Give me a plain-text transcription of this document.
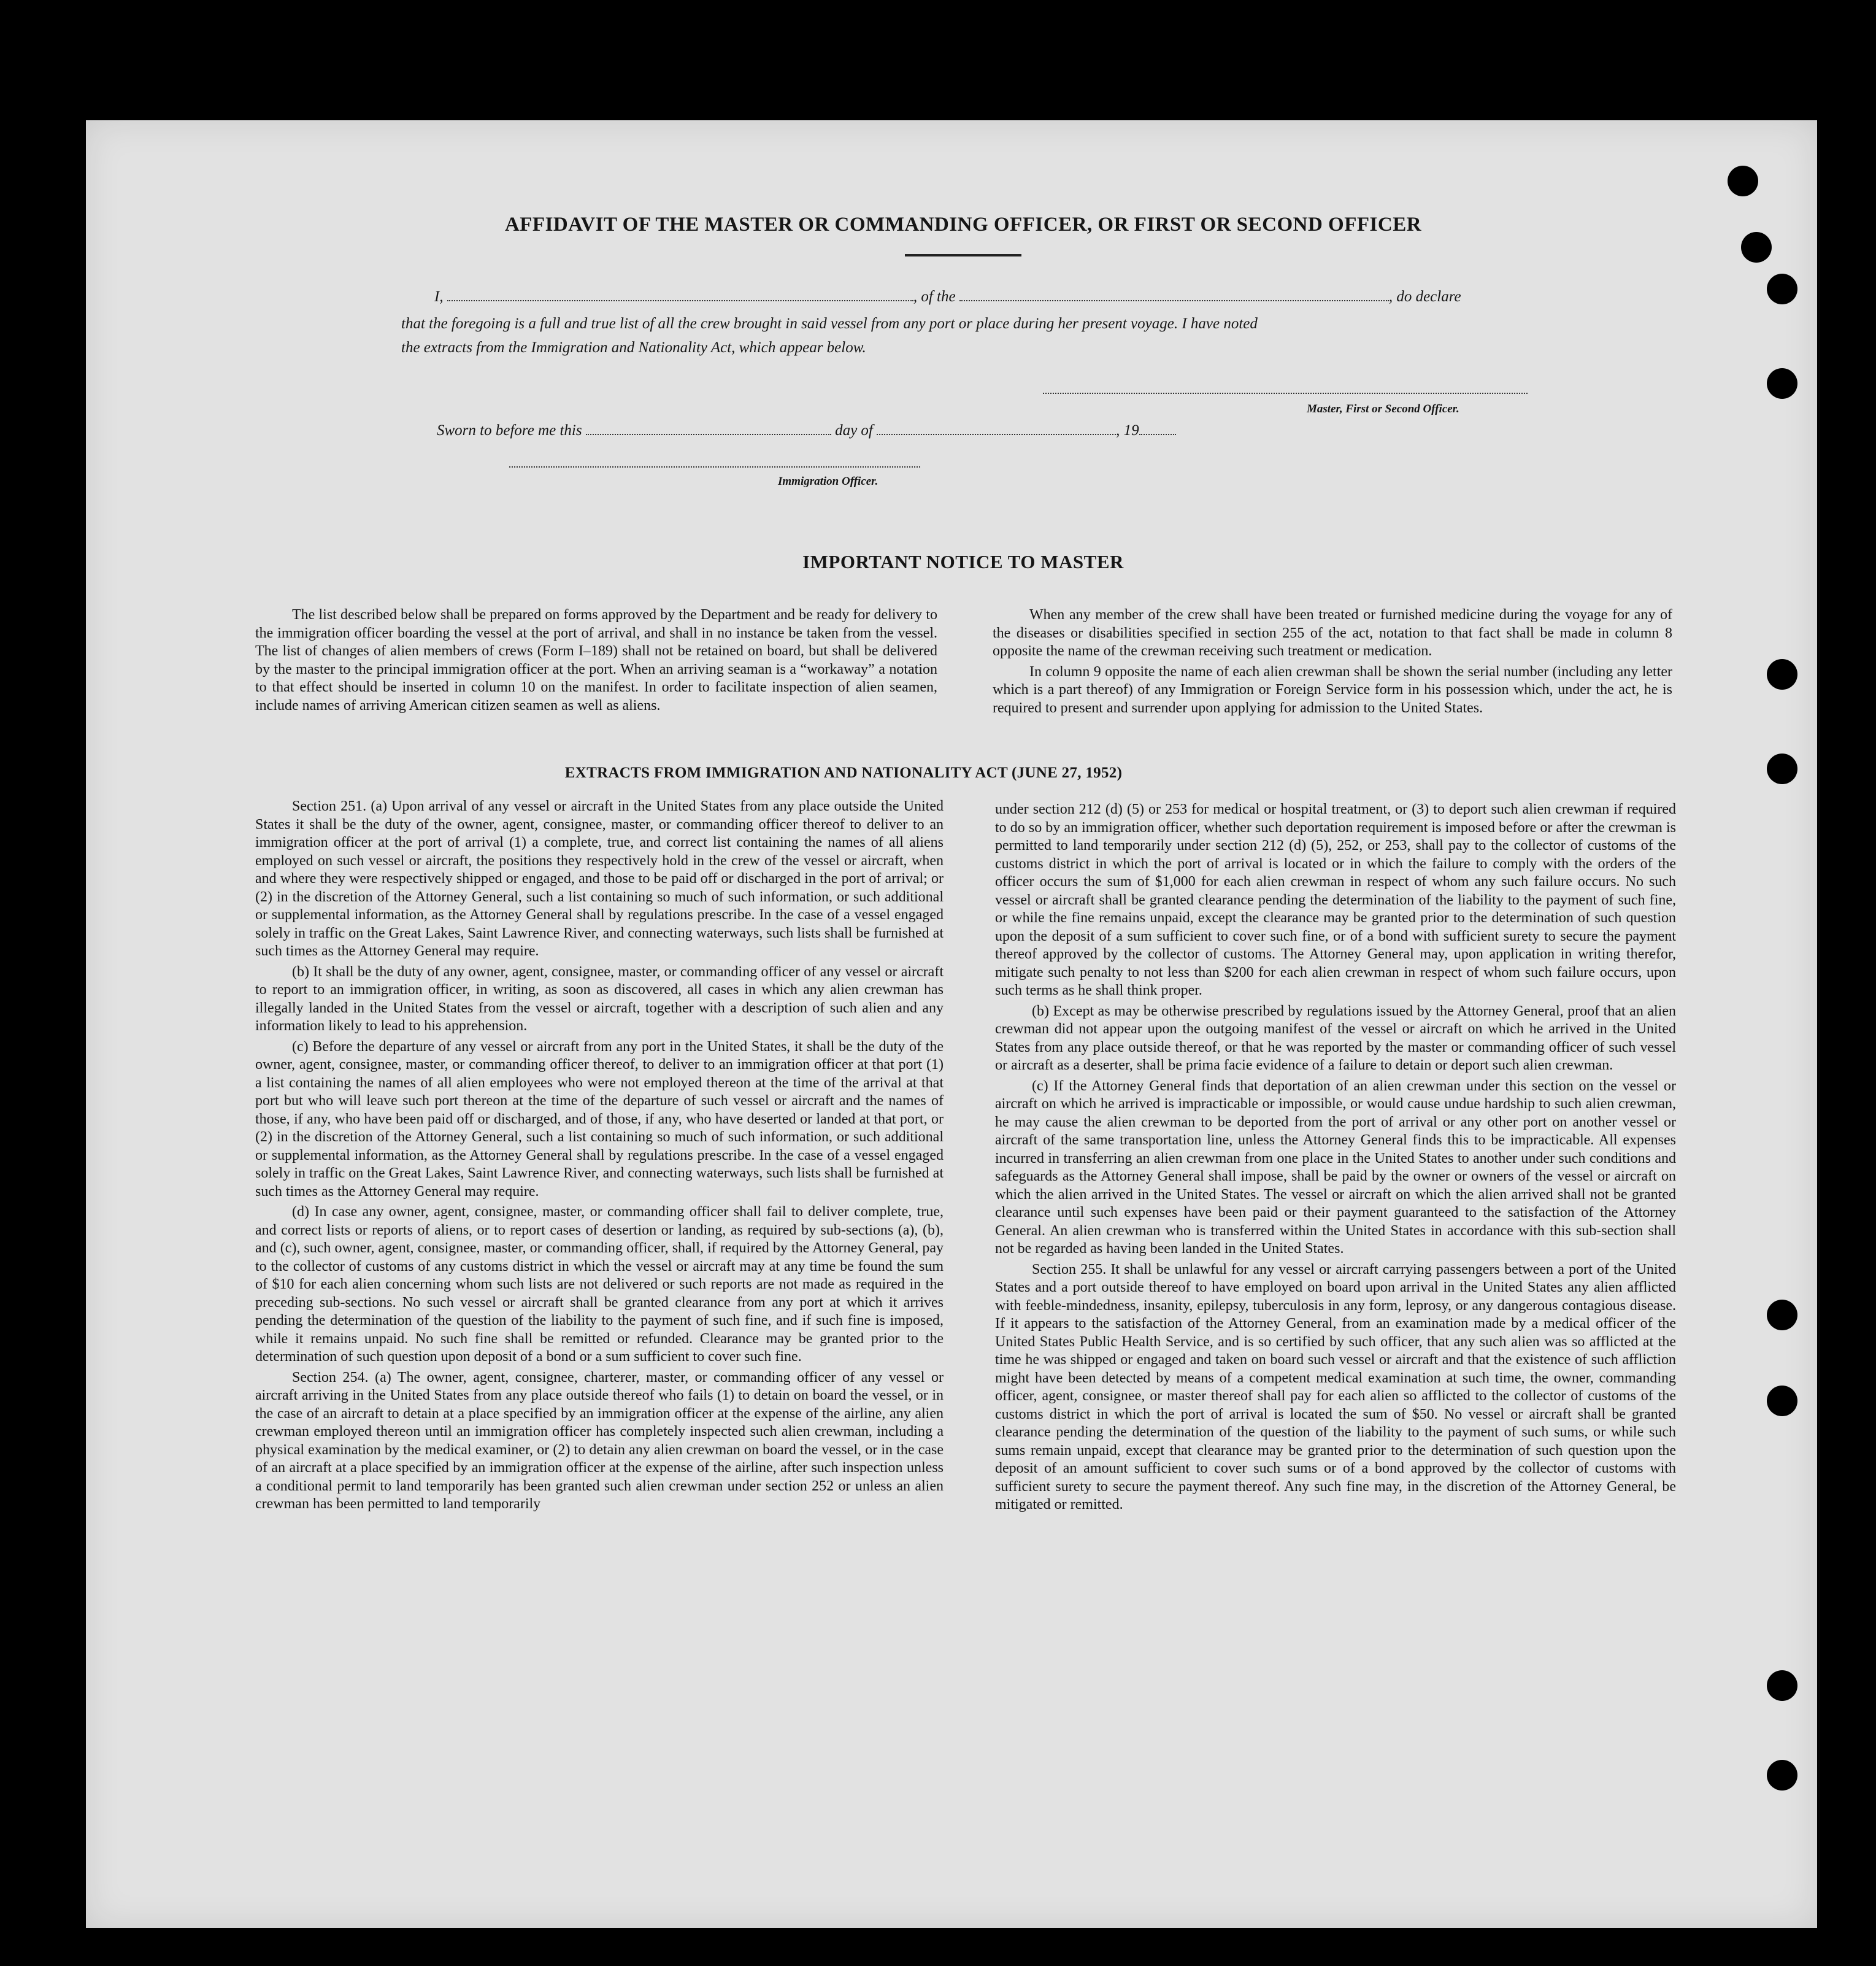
AFFIDAVIT OF THE MASTER OR COMMANDING OFFICER, OR FIRST OR SECOND OFFICER
I,	, of the	, do declare
that the foregoing is a full and true list of all the crew brought in said vessel from any port or place during her present voyage. I have noted
the extracts from the Immigration and Nationality Act, which appear below.
Master, First or Second Officer.
Sworn to before me this	day of	, 19
Immigration Officer.
IMPORTANT NOTICE TO MASTER

The list described below shall be prepared on forms approved by the Department and be ready for delivery to the immigration officer boarding the vessel at the port of arrival, and shall in no instance be taken from the vessel. The list of changes of alien members of crews (Form I–189) shall not be retained on board, but shall be delivered by the master to the principal immigration officer at the port. When an arriving seaman is a “workaway” a notation to that effect should be inserted in column 10 on the manifest. In order to facilitate inspection of alien seamen, include names of arriving American citizen seamen as well as aliens.

When any member of the crew shall have been treated or furnished medicine during the voyage for any of the diseases or disabilities specified in section 255 of the act, notation to that fact shall be made in column 8 opposite the name of the crewman receiving such treatment or medication.

In column 9 opposite the name of each alien crewman shall be shown the serial number (including any letter which is a part thereof) of any Immigration or Foreign Service form in his possession which, under the act, he is required to present and surrender upon applying for admission to the United States.

EXTRACTS FROM IMMIGRATION AND NATIONALITY ACT (JUNE 27, 1952)

Section 251. (a) Upon arrival of any vessel or aircraft in the United States from any place outside the United States it shall be the duty of the owner, agent, consignee, master, or commanding officer thereof to deliver to an immigration officer at the port of arrival (1) a complete, true, and correct list containing the names of all aliens employed on such vessel or aircraft, the positions they respectively hold in the crew of the vessel or aircraft, when and where they were respectively shipped or engaged, and those to be paid off or discharged in the port of arrival; or (2) in the discretion of the Attorney General, such a list containing so much of such information, or such additional or supplemental information, as the Attorney General shall by regulations prescribe. In the case of a vessel engaged solely in traffic on the Great Lakes, Saint Lawrence River, and connecting waterways, such lists shall be furnished at such times as the Attorney General may require.

(b) It shall be the duty of any owner, agent, consignee, master, or commanding officer of any vessel or aircraft to report to an immigration officer, in writing, as soon as discovered, all cases in which any alien crewman has illegally landed in the United States from the vessel or aircraft, together with a description of such alien and any information likely to lead to his apprehension.

(c) Before the departure of any vessel or aircraft from any port in the United States, it shall be the duty of the owner, agent, consignee, master, or commanding officer thereof, to deliver to an immigration officer at that port (1) a list containing the names of all alien employees who were not employed thereon at the time of the arrival at that port but who will leave such port thereon at the time of the departure of such vessel or aircraft and the names of those, if any, who have been paid off or discharged, and of those, if any, who have deserted or landed at that port, or (2) in the discretion of the Attorney General, such a list containing so much of such information, or such additional or supplemental information, as the Attorney General shall by regulations prescribe. In the case of a vessel engaged solely in traffic on the Great Lakes, Saint Lawrence River, and connecting waterways, such lists shall be furnished at such times as the Attorney General may require.

(d) In case any owner, agent, consignee, master, or commanding officer shall fail to deliver complete, true, and correct lists or reports of aliens, or to report cases of desertion or landing, as required by sub-sections (a), (b), and (c), such owner, agent, consignee, master, or commanding officer, shall, if required by the Attorney General, pay to the collector of customs of any customs district in which the vessel or aircraft may at any time be found the sum of $10 for each alien concerning whom such lists are not delivered or such reports are not made as required in the preceding sub-sections. No such vessel or aircraft shall be granted clearance from any port at which it arrives pending the determination of the question of the liability to the payment of such fine, and if such fine is imposed, while it remains unpaid. No such fine shall be remitted or refunded. Clearance may be granted prior to the determination of such question upon deposit of a bond or a sum sufficient to cover such fine.

Section 254. (a) The owner, agent, consignee, charterer, master, or commanding officer of any vessel or aircraft arriving in the United States from any place outside thereof who fails (1) to detain on board the vessel, or in the case of an aircraft to detain at a place specified by an immigration officer at the expense of the airline, any alien crewman employed thereon until an immigration officer has completely inspected such alien crewman, including a physical examination by the medical examiner, or (2) to detain any alien crewman on board the vessel, or in the case of an aircraft at a place specified by an immigration officer at the expense of the airline, after such inspection unless a conditional permit to land temporarily has been granted such alien crewman under section 252 or unless an alien crewman has been permitted to land temporarily

under section 212 (d) (5) or 253 for medical or hospital treatment, or (3) to deport such alien crewman if required to do so by an immigration officer, whether such deportation requirement is imposed before or after the crewman is permitted to land temporarily under section 212 (d) (5), 252, or 253, shall pay to the collector of customs of the customs district in which the port of arrival is located or in which the failure to comply with the orders of the officer occurs the sum of $1,000 for each alien crewman in respect of whom any such failure occurs. No such vessel or aircraft shall be granted clearance pending the determination of the liability to the payment of such fine, or while the fine remains unpaid, except the clearance may be granted prior to the determination of such question upon the deposit of a sum sufficient to cover such fine, or of a bond with sufficient surety to secure the payment thereof approved by the collector of customs. The Attorney General may, upon application in writing therefor, mitigate such penalty to not less than $200 for each alien crewman in respect of whom such failure occurs, upon such terms as he shall think proper.

(b) Except as may be otherwise prescribed by regulations issued by the Attorney General, proof that an alien crewman did not appear upon the outgoing manifest of the vessel or aircraft on which he arrived in the United States from any place outside thereof, or that he was reported by the master or commanding officer of such vessel or aircraft as a deserter, shall be prima facie evidence of a failure to detain or deport such alien crewman.

(c) If the Attorney General finds that deportation of an alien crewman under this section on the vessel or aircraft on which he arrived is impracticable or impossible, or would cause undue hardship to such alien crewman, he may cause the alien crewman to be deported from the port of arrival or any other port on another vessel or aircraft of the same transportation line, unless the Attorney General finds this to be impracticable. All expenses incurred in transferring an alien crewman from one place in the United States to another under such conditions and safeguards as the Attorney General shall impose, shall be paid by the owner or owners of the vessel or aircraft on which the alien arrived in the United States. The vessel or aircraft on which the alien arrived shall not be granted clearance until such expenses have been paid or their payment guaranteed to the satisfaction of the Attorney General. An alien crewman who is transferred within the United States in accordance with this sub-section shall not be regarded as having been landed in the United States.

Section 255. It shall be unlawful for any vessel or aircraft carrying passengers between a port of the United States and a port outside thereof to have employed on board upon arrival in the United States any alien afflicted with feeble-mindedness, insanity, epilepsy, tuberculosis in any form, leprosy, or any dangerous contagious disease. If it appears to the satisfaction of the Attorney General, from an examination made by a medical officer of the United States Public Health Service, and is so certified by such officer, that any such alien was so afflicted at the time he was shipped or engaged and taken on board such vessel or aircraft and that the existence of such affliction might have been detected by means of a competent medical examination at such time, the owner, commanding officer, agent, consignee, or master thereof shall pay for each alien so afflicted to the collector of customs of the customs district in which the port of arrival is located the sum of $50. No vessel or aircraft shall be granted clearance pending the determination of the question of the liability to the payment of such sums, or while such sums remain unpaid, except that clearance may be granted prior to the determination of such question upon the deposit of an amount sufficient to cover such sums or of a bond approved by the collector of customs with sufficient surety to secure the payment thereof. Any such fine may, in the discretion of the Attorney General, be mitigated or remitted.
